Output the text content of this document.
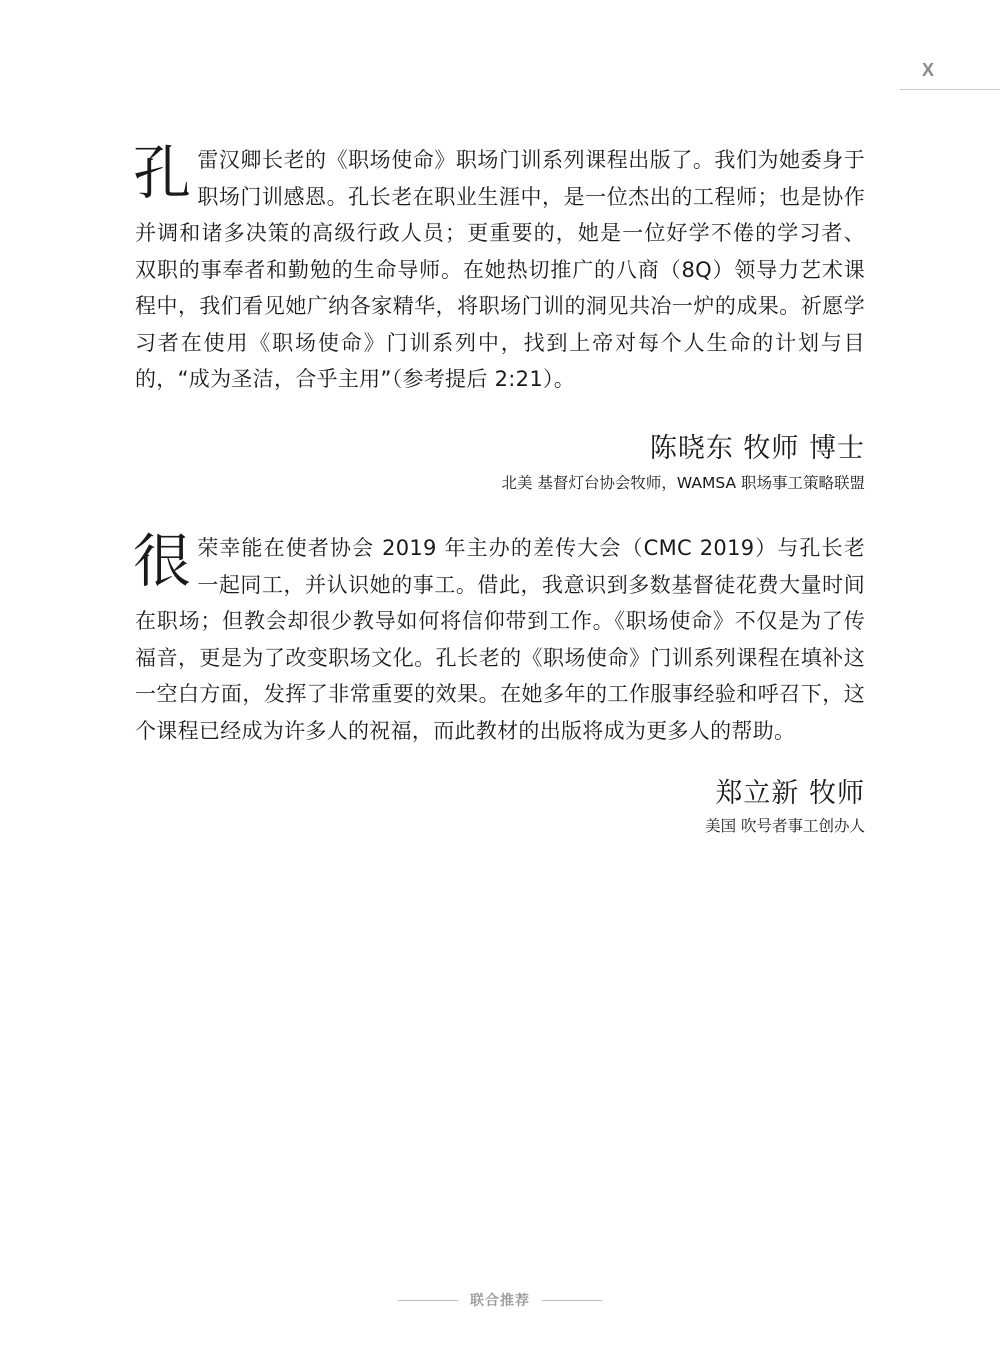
X

孔雷汉卿长老的《职场使命》职场门训系列课程出版了。我们为她委身于职场门训感恩。孔长老在职业生涯中，是一位杰出的工程师；也是协作并调和诸多决策的高级行政人员；更重要的，她是一位好学不倦的学习者、 双职的事奉者和勤勉的生命导师。在她热切推广的八商（8Q）领导力艺术课程中，我们看见她广纳各家精华，将职场门训的洞见共冶一炉的成果。祈愿学习者在使用《职场使命》门训系列中，找到上帝对每个人生命的计划与目的，“成为圣洁，合乎主用”（参考提后 2:21）。

陈晓东 牧师 博士

北美 基督灯台协会牧师，WAMSA 职场事工策略联盟

很荣幸能在使者协会 2019 年主办的差传大会（CMC 2019）与孔长老一起同工，并认识她的事工。借此，我意识到多数基督徒花费大量时间在职场；但教会却很少教导如何将信仰带到工作。《职场使命》不仅是为了传福音，更是为了改变职场文化。孔长老的《职场使命》门训系列课程在填补这一空白方面，发挥了非常重要的效果。在她多年的工作服事经验和呼召下，这个课程已经成为许多人的祝福，而此教材的出版将成为更多人的帮助。

郑立新 牧师

美国 吹号者事工创办人

联合推荐
